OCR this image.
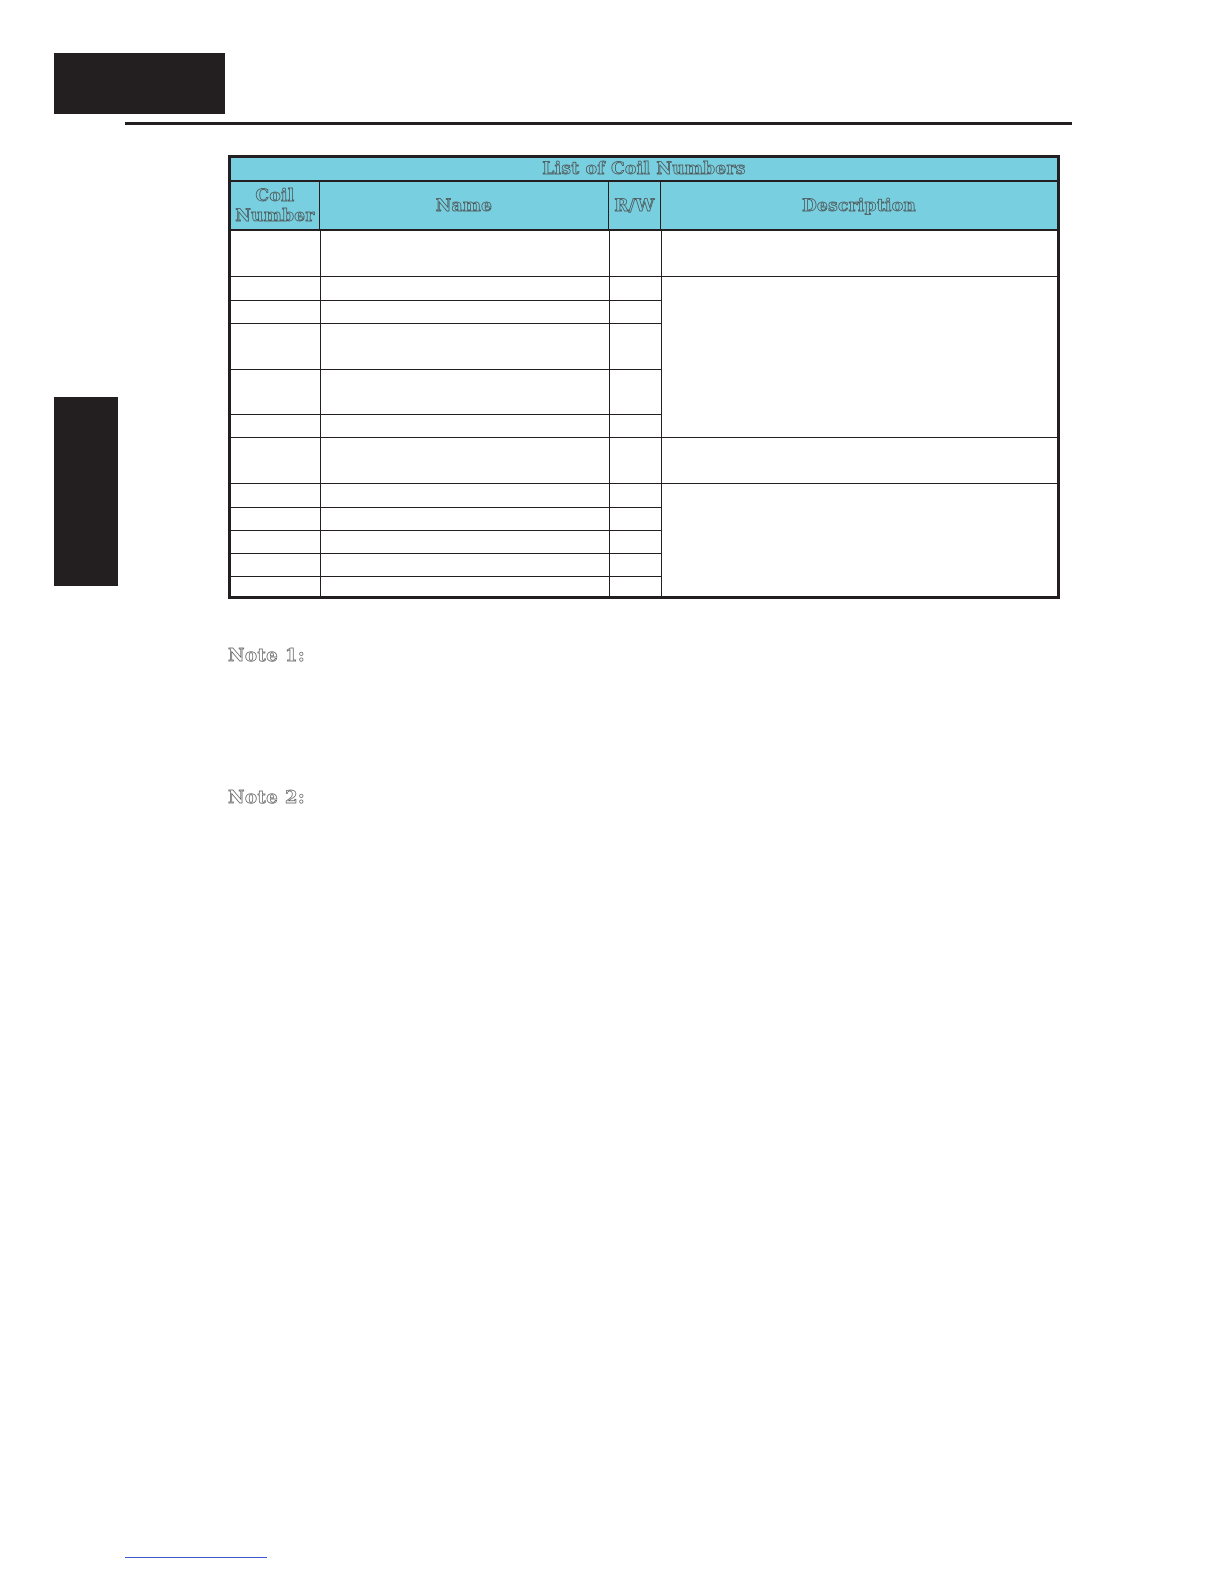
List of Coil Numbers
Coil
Number	Name	R/W	Description
Note 1:
Note 2:
